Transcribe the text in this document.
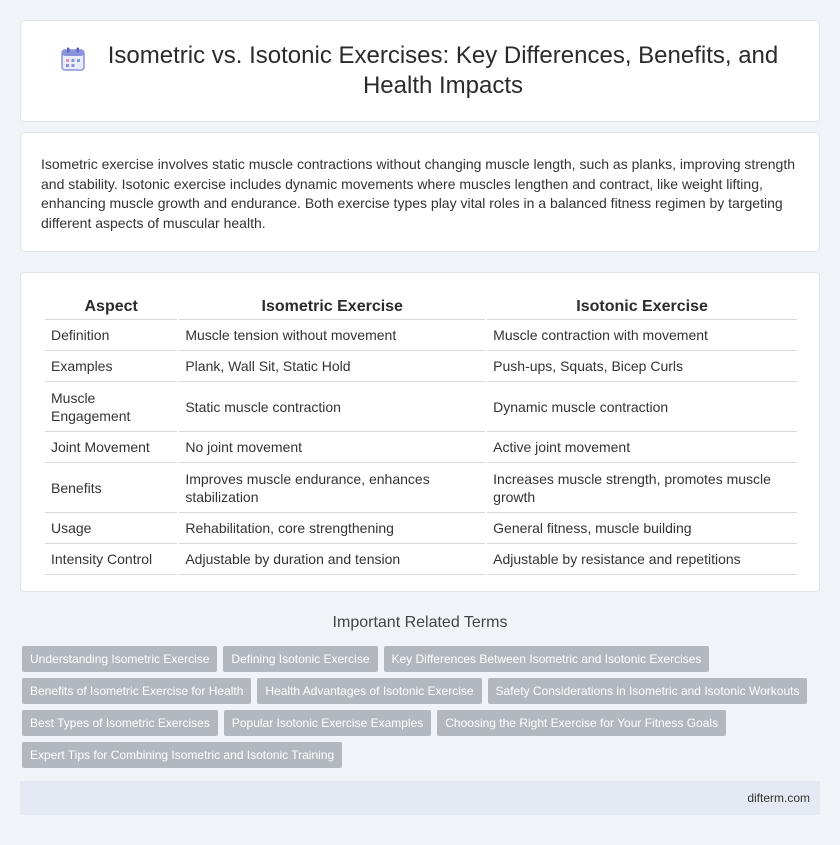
Isometric vs. Isotonic Exercises: Key Differences, Benefits, and Health Impacts

Isometric exercise involves static muscle contractions without changing muscle length, such as planks, improving strength and stability. Isotonic exercise includes dynamic movements where muscles lengthen and contract, like weight lifting, enhancing muscle growth and endurance. Both exercise types play vital roles in a balanced fitness regimen by targeting different aspects of muscular health.

Aspect	Isometric Exercise	Isotonic Exercise
Definition	Muscle tension without movement	Muscle contraction with movement
Examples	Plank, Wall Sit, Static Hold	Push-ups, Squats, Bicep Curls
Muscle Engagement	Static muscle contraction	Dynamic muscle contraction
Joint Movement	No joint movement	Active joint movement
Benefits	Improves muscle endurance, enhances stabilization	Increases muscle strength, promotes muscle growth
Usage	Rehabilitation, core strengthening	General fitness, muscle building
Intensity Control	Adjustable by duration and tension	Adjustable by resistance and repetitions
Important Related Terms
Understanding Isometric Exercise	Defining Isotonic Exercise	Key Differences Between Isometric and Isotonic Exercises
Benefits of Isometric Exercise for Health	Health Advantages of Isotonic Exercise	Safety Considerations in Isometric and Isotonic Workouts
Best Types of Isometric Exercises	Popular Isotonic Exercise Examples	Choosing the Right Exercise for Your Fitness Goals
Expert Tips for Combining Isometric and Isotonic Training
difterm.com
